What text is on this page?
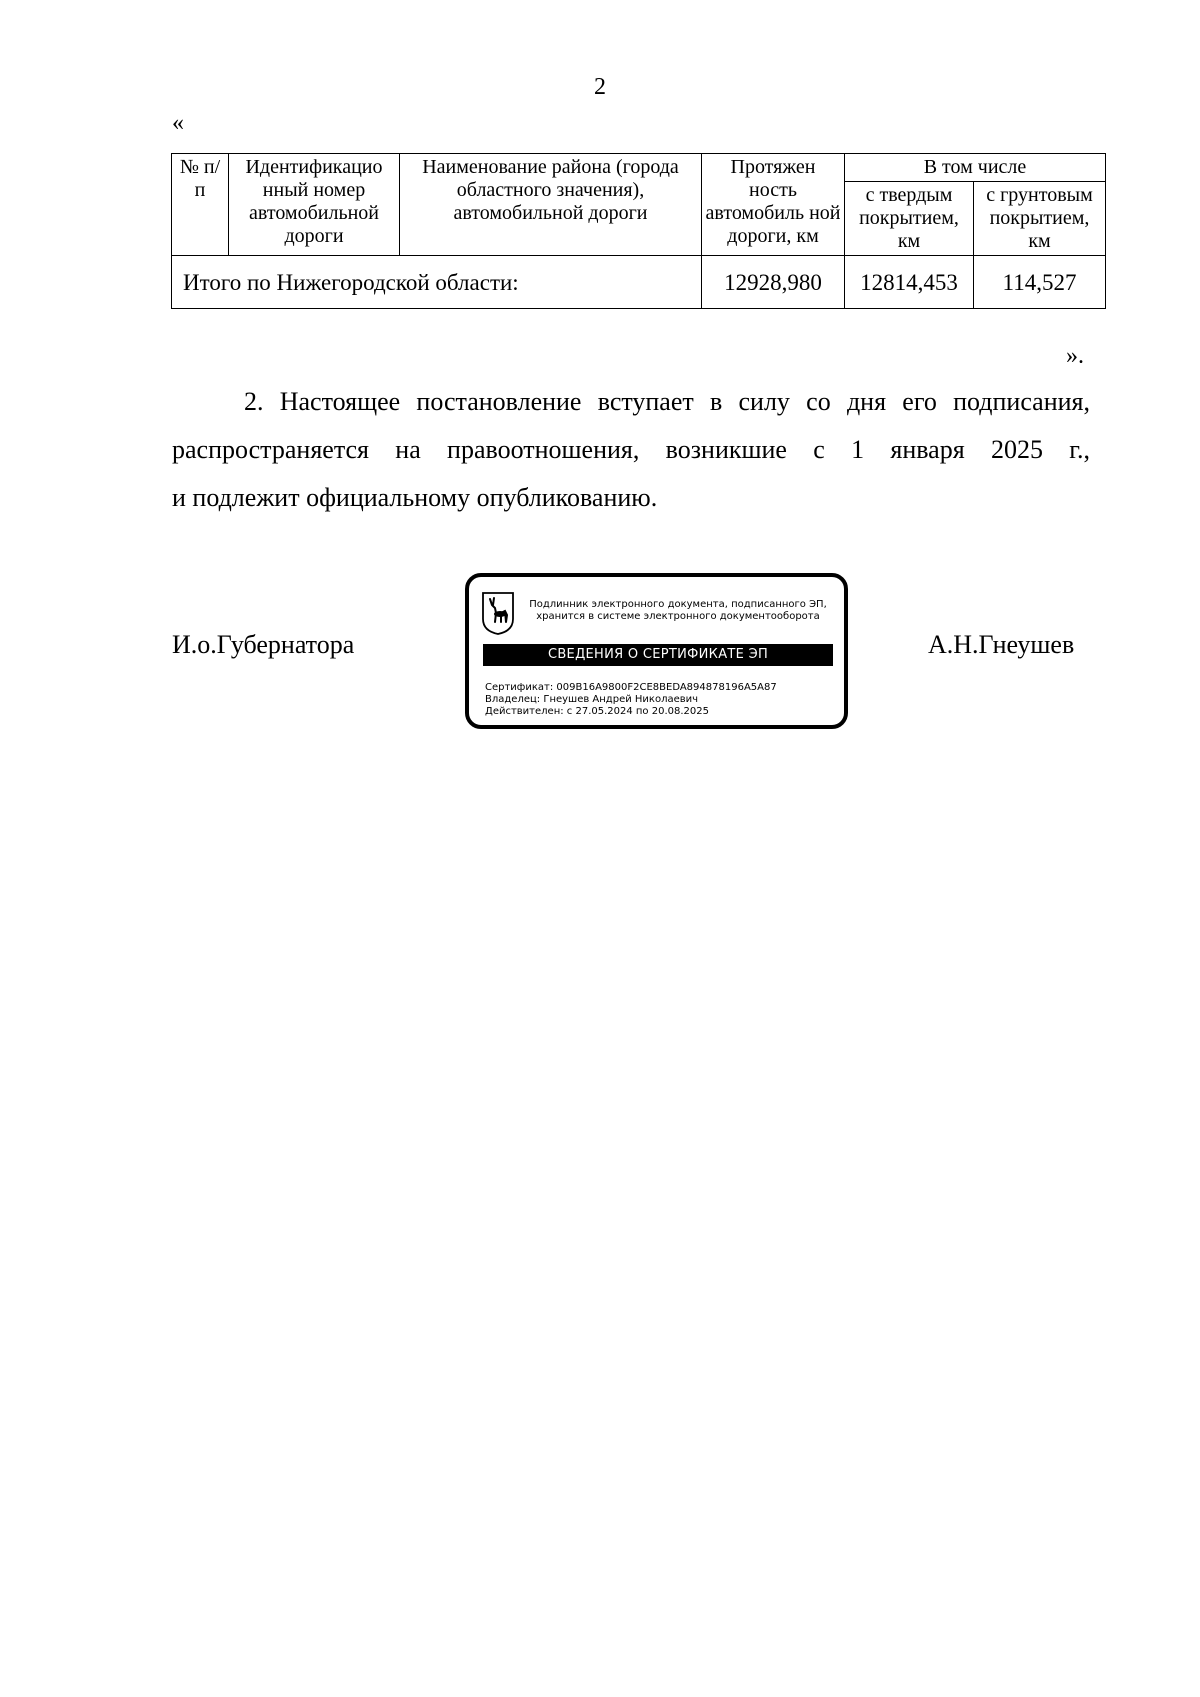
2
«
№ п/п	Идентификацио нный номер автомобильной дороги	Наименование района (города областного значения), автомобильной дороги	Протяжен ность автомобиль ной дороги, км	В том числе	
				с твердым покрытием, км	с грунтовым покрытием, км
Итого по Нижегородской области:			12928,980	12814,453	114,527
».
2. Настоящее постановление вступает в силу со дня его подписания,
распространяется на правоотношения, возникшие с 1 января 2025 г.,
и подлежит официальному опубликованию.
И.о.Губернатора	А.Н.Гнеушев
Подлинник электронного документа, подписанного ЭП,
хранится в системе электронного документооборота
СВЕДЕНИЯ О СЕРТИФИКАТЕ ЭП
Сертификат: 009B16A9800F2CE8BEDA894878196A5A87
Владелец: Гнеушев Андрей Николаевич
Действителен: с 27.05.2024 по 20.08.2025
